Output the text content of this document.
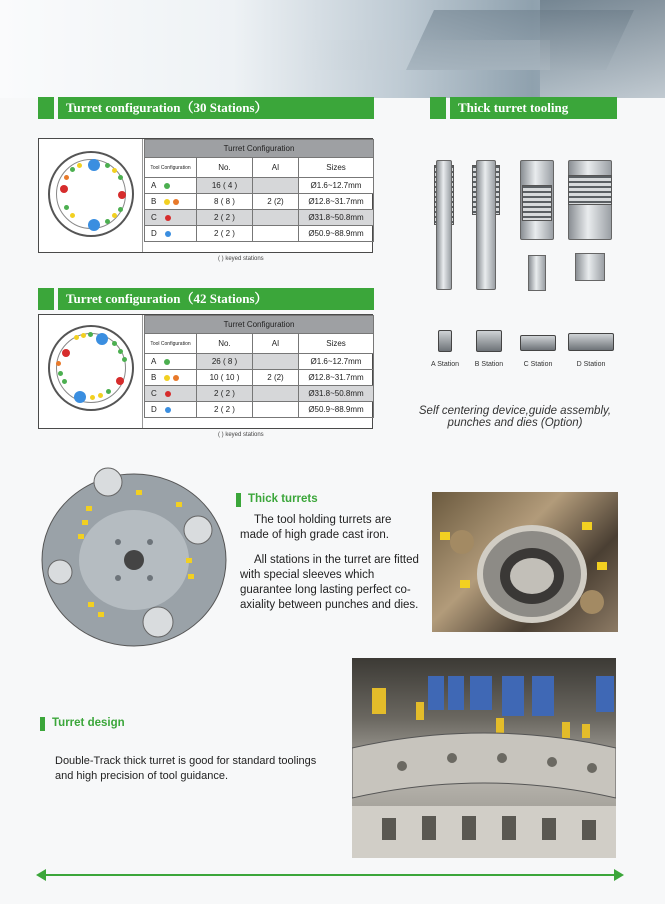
Turret configuration（30 Stations）
Turret Configuration			
Tool Configuration	No.	AI	Sizes
A	16 ( 4 )		Ø1.6~12.7mm
B	8 ( 8 )	2 (2)	Ø12.8~31.7mm
C	2 ( 2 )		Ø31.8~50.8mm
D	2 ( 2 )		Ø50.9~88.9mm
( ) keyed stations
Turret configuration（42 Stations）
Turret Configuration			
Tool Configuration	No.	AI	Sizes
A	26 ( 8 )		Ø1.6~12.7mm
B	10 ( 10 )	2 (2)	Ø12.8~31.7mm
C	2 ( 2 )		Ø31.8~50.8mm
D	2 ( 2 )		Ø50.9~88.9mm
( ) keyed stations
Thick turret tooling
A Station	B Station	C Station	D Station
Self centering device,guide assembly,
punches and dies (Option)
Thick turrets
The tool holding turrets are made of high grade cast iron.
All stations in the turret are fitted with special sleeves which guarantee long lasting perfect co-axiality between punches and dies.
Turret design
Double-Track thick turret is good for standard toolings and high precision of tool guidance.
